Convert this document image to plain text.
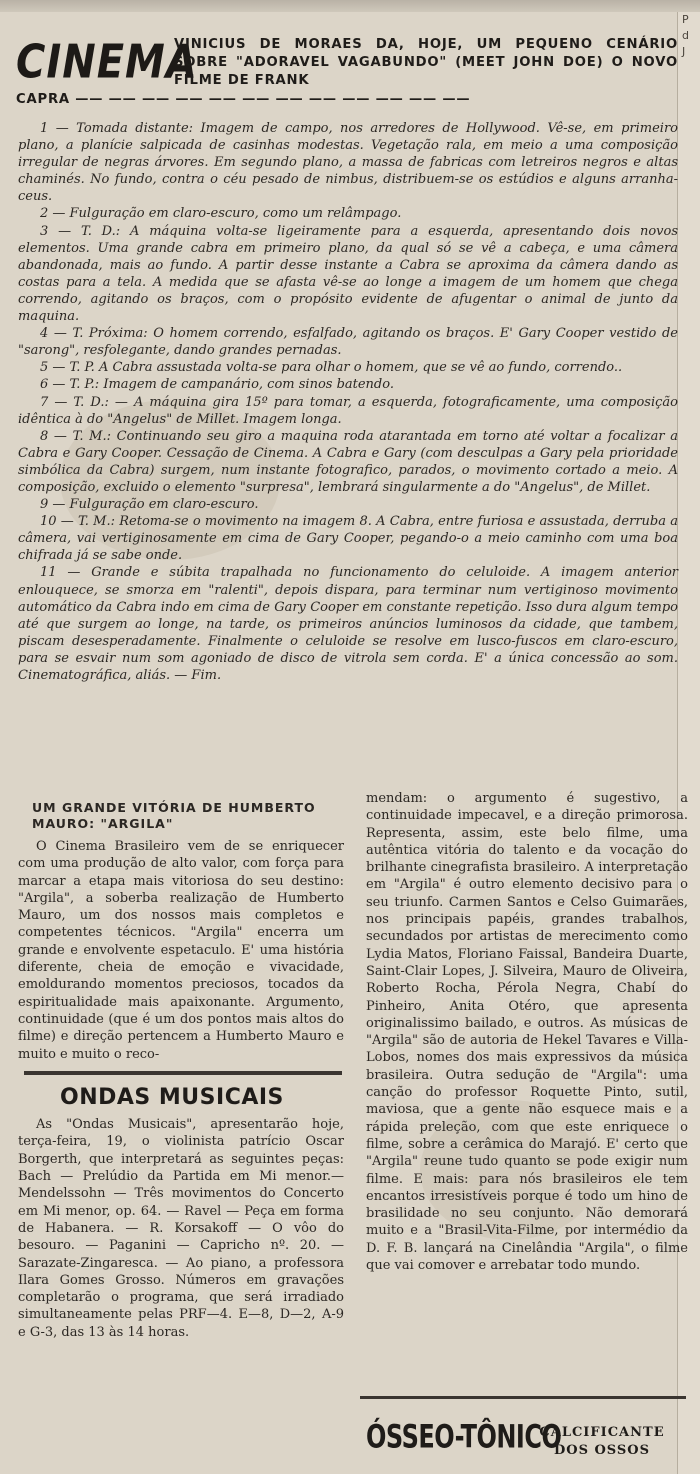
P
d
J
CINEMA
VINICIUS DE MORAES DA, HOJE, UM PEQUENO CENÁRIO SOBRE "ADORAVEL VAGABUNDO" (MEET JOHN DOE) O NOVO FILME DE FRANK
CAPRA —— —— —— —— —— —— —— —— —— —— —— ——

1 — Tomada distante: Imagem de campo, nos arredores de Hollywood. Vê-se, em primeiro plano, a planície salpicada de casinhas modestas. Vegetação rala, em meio a uma composição irregular de negras árvores. Em segundo plano, a massa de fabricas com letreiros negros e altas chaminés. No fundo, contra o céu pesado de nimbus, distribuem-se os estúdios e alguns arranha-ceus.

2 — Fulguração em claro-escuro, como um relâmpago.

3 — T. D.: A máquina volta-se ligeiramente para a esquerda, apresentando dois novos elementos. Uma grande cabra em primeiro plano, da qual só se vê a cabeça, e uma câmera abandonada, mais ao fundo. A partir desse instante a Cabra se aproxima da câmera dando as costas para a tela. A medida que se afasta vê-se ao longe a imagem de um homem que chega correndo, agitando os braços, com o propósito evidente de afugentar o animal de junto da maquina.

4 — T. Próxima: O homem correndo, esfalfado, agitando os braços. E' Gary Cooper vestido de "sarong", resfolegante, dando grandes pernadas.

5 — T. P. A Cabra assustada volta-se para olhar o homem, que se vê ao fundo, correndo..

6 — T. P.: Imagem de campanário, com sinos batendo.

7 — T. D.: — A máquina gira 15º para tomar, a esquerda, fotograficamente, uma composição idêntica à do "Angelus" de Millet. Imagem longa.

8 — T. M.: Continuando seu giro a maquina roda atarantada em torno até voltar a focalizar a Cabra e Gary Cooper. Cessação de Cinema. A Cabra e Gary (com desculpas a Gary pela prioridade simbólica da Cabra) surgem, num instante fotografico, parados, o movimento cortado a meio. A composição, excluido o elemento "surpresa", lembrará singularmente a do "Angelus", de Millet.

9 — Fulguração em claro-escuro.

10 — T. M.: Retoma-se o movimento na imagem 8. A Cabra, entre furiosa e assustada, derruba a câmera, vai vertiginosamente em cima de Gary Cooper, pegando-o a meio caminho com uma boa chifrada já se sabe onde.

11 — Grande e súbita trapalhada no funcionamento do celuloide. A imagem anterior enlouquece, se smorza em "ralenti", depois dispara, para terminar num vertiginoso movimento automático da Cabra indo em cima de Gary Cooper em constante repetição. Isso dura algum tempo até que surgem ao longe, na tarde, os primeiros anúncios luminosos da cidade, que tambem, piscam desesperadamente. Finalmente o celuloide se resolve em lusco-fuscos em claro-escuro, para se esvair num som agoniado de disco de vitrola sem corda. E' a única concessão ao som. Cinematográfica, aliás. — Fim.

UM GRANDE VITÓRIA DE HUMBERTO MAURO: "ARGILA"

O Cinema Brasileiro vem de se enriquecer com uma produção de alto valor, com força para marcar a etapa mais vitoriosa do seu destino: "Argila", a soberba realização de Humberto Mauro, um dos nossos mais completos e competentes técnicos. "Argila" encerra um grande e envolvente espetaculo. E' uma história diferente, cheia de emoção e vivacidade, emoldurando momentos preciosos, tocados da espiritualidade mais apaixonante. Argumento, continuidade (que é um dos pontos mais altos do filme) e direção pertencem a Humberto Mauro e muito e muito o reco-

ONDAS MUSICAIS

As "Ondas Musicais", apresentarão hoje, terça-feira, 19, o violinista patrício Oscar Borgerth, que interpretará as seguintes peças: Bach — Prelúdio da Partida em Mi menor.—Mendelssohn — Três movimentos do Concerto em Mi menor, op. 64. — Ravel — Peça em forma de Habanera. — R. Korsakoff — O vôo do besouro. — Paganini — Capricho nº. 20. — Sarazate-Zingaresca. — Ao piano, a professora Ilara Gomes Grosso. Números em gravações completarão o programa, que será irradiado simultaneamente pelas PRF—4. E—8, D—2, A-9 e G-3, das 13 às 14 horas.

mendam: o argumento é sugestivo, a continuidade impecavel, e a direção primorosa. Representa, assim, este belo filme, uma autêntica vitória do talento e da vocação do brilhante cinegrafista brasileiro. A interpretação em "Argila" é outro elemento decisivo para o seu triunfo. Carmen Santos e Celso Guimarães, nos principais papéis, grandes trabalhos, secundados por artistas de merecimento como Lydia Matos, Floriano Faissal, Bandeira Duarte, Saint-Clair Lopes, J. Silveira, Mauro de Oliveira, Roberto Rocha, Pérola Negra, Chabí do Pinheiro, Anita Otéro, que apresenta originalissimo bailado, e outros. As músicas de "Argila" são de autoria de Hekel Tavares e Villa-Lobos, nomes dos mais expressivos da música brasileira. Outra sedução de "Argila": uma canção do professor Roquette Pinto, sutil, maviosa, que a gente não esquece mais e a rápida preleção, com que este enriquece o filme, sobre a cerâmica do Marajó. E' certo que "Argila" reune tudo quanto se pode exigir num filme. E mais: para nós brasileiros ele tem encantos irresistíveis porque é todo um hino de brasilidade no seu conjunto. Não demorará muito e a "Brasil-Vita-Filme, por intermédio da D. F. B. lançará na Cinelândia "Argila", o filme que vai comover e arrebatar todo mundo.

ÓSSEO-TÔNICO
CALCIFICANTE
DOS OSSOS
